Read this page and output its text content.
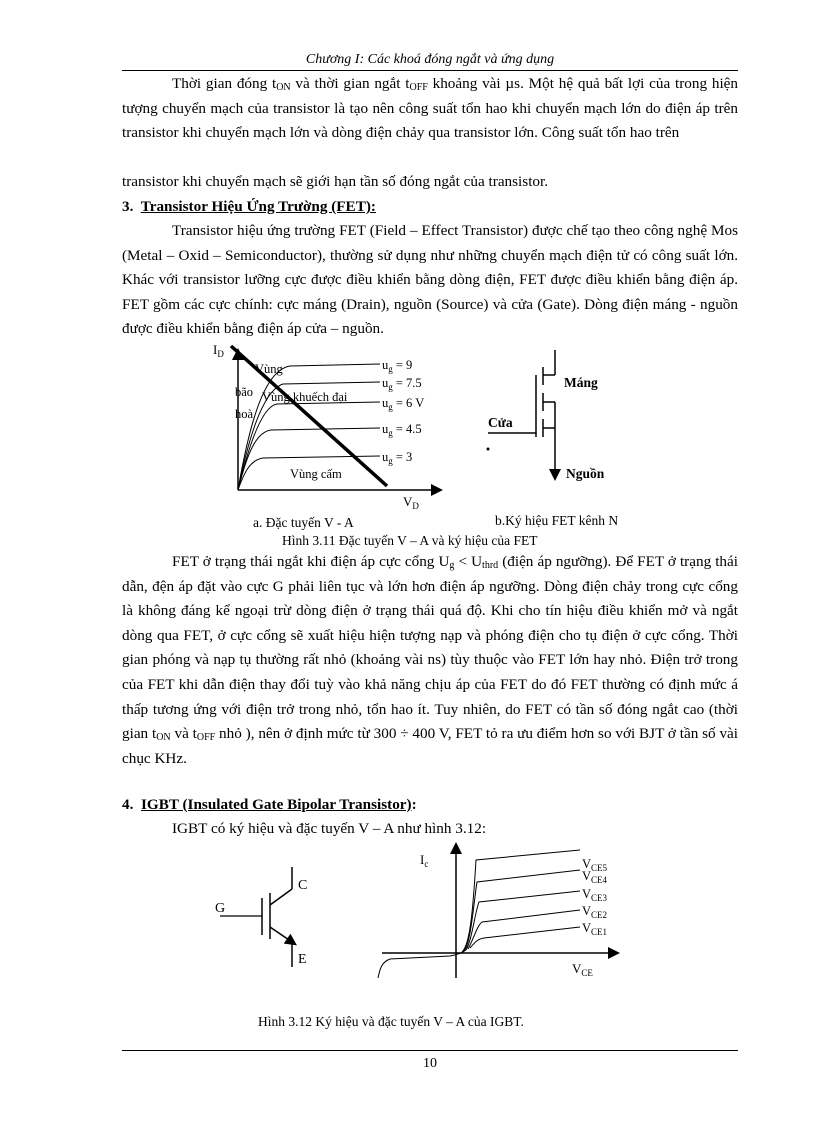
Chương I: Các khoá đóng ngắt và ứng dụng

Thời gian đóng $t_{ON}$ và thời gian ngắt $t_{OFF}$ khoảng vài µs. Một hệ quả bất lợi của trong hiện tượng chuyển mạch của transistor là tạo nên công suất tổn hao khi chuyển mạch lớn do điện áp trên transistor khi chuyển mạch lớn và dòng điện chảy qua transistor lớn. Công suất tổn hao trên

transistor khi chuyển mạch sẽ giới hạn tần số đóng ngắt của transistor.

3. Transistor Hiệu Ứng Trường (FET):

Transistor hiệu ứng trường FET (Field – Effect Transistor) được chế tạo theo công nghệ Mos (Metal – Oxid – Semiconductor), thường sử dụng như những chuyển mạch điện tử có công suất lớn. Khác với transistor lưỡng cực được điều khiển bằng dòng điện, FET được điều khiển bằng điện áp. FET gồm các cực chính: cực máng (Drain), nguồn (Source) và cửa (Gate). Dòng điện máng - nguồn được điều khiển bằng điện áp cửa – nguồn.

$I_D$
$V_D$
Vùng
bão
hoà
Vùng khuếch đại
Vùng cấm
$u_g = 9$
$u_g = 7.5$
$u_g = 6$ V
$u_g = 4.5$
$u_g = 3$
Máng
Cửa
Nguồn
a. Đặc tuyến V - A	b.Ký hiệu FET kênh N
Hình 3.11 Đặc tuyến V – A và ký hiệu của FET

FET ở trạng thái ngắt khi điện áp cực cổng $U_g < U_{thrd}$ (điện áp ngưỡng). Để FET ở trạng thái dẫn, đện áp đặt vào cực G phải liên tục và lớn hơn điện áp ngưỡng. Dòng điện chảy trong cực cổng là không đáng kể ngoại trừ dòng điện ở trạng thái quá độ. Khi cho tín hiệu điều khiển mở và ngắt dòng qua FET, ở cực cổng sẽ xuất hiệu hiện tượng nạp và phóng điện cho tụ điện ở cực cổng. Thời gian phóng và nạp tụ thường rất nhỏ (khoảng vài ns) tùy thuộc vào FET lớn hay nhỏ. Điện trở trong của FET khi dẫn điện thay đổi tuỳ vào khả năng chịu áp của FET do đó FET thường có định mức á thấp tương ứng với điện trở trong nhỏ, tổn hao ít. Tuy nhiên, do FET có tần số đóng ngắt cao (thời gian $t_{ON}$ và $t_{OFF}$ nhỏ ), nên ở định mức từ 300 ÷ 400 V, FET tỏ ra ưu điểm hơn so với BJT ở tần số vài chục KHz.

4. IGBT (Insulated Gate Bipolar Transistor):

IGBT có ký hiệu và đặc tuyến V – A như hình 3.12:

G
C
E
$I_c$
$V_{CE}$
$V_{CE5}$
$V_{CE4}$
$V_{CE3}$
$V_{CE2}$
$V_{CE1}$
Hình 3.12 Ký hiệu và đặc tuyến V – A của IGBT.
10
